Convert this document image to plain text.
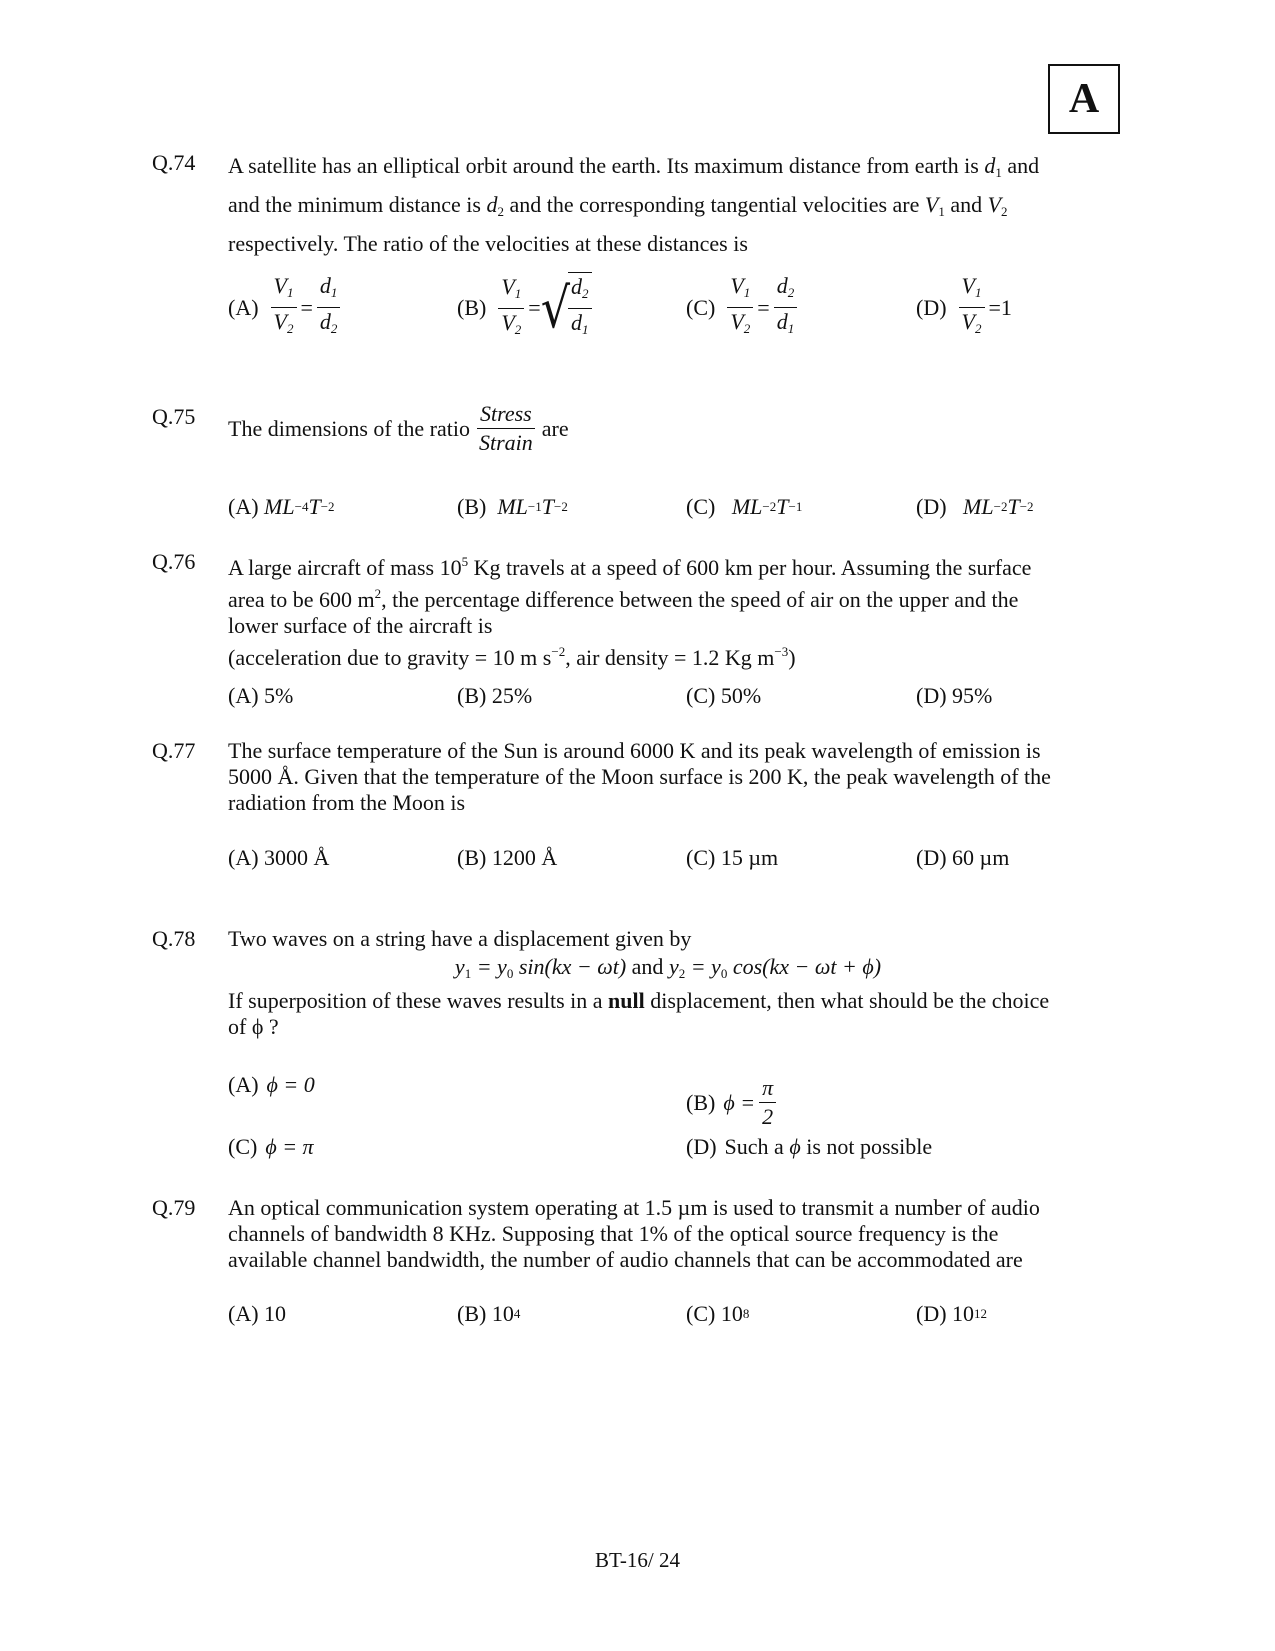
A
Q.74 A satellite has an elliptical orbit around the earth. Its maximum distance from earth is $d_1$ and
and the minimum distance is $d_2$ and the corresponding tangential velocities are $V_1$ and $V_2$
respectively. The ratio of the velocities at these distances is
$(A) \frac{V_1}{V_2} = \frac{d_1}{d_2}$	$(B) \frac{V_1}{V_2}$ = √
$\frac{d_2}{d_1}$	$(C) \frac{V_1}{V_2} = \frac{d_2}{d_1}$	$(D) \frac{V_1}{V_2} = 1$
Q.75 The dimensions of the ratio $\frac{\text{Stress}}{\text{Strain}}$ are
(A)
ML −4 T −2	(B)
ML −1 T −2	(C)
ML −2 T −1	(D)
ML −2 T −2
Q.76 A large aircraft of mass $10^5$ Kg travels at a speed of 600 km per hour. Assuming the surface
area to be 600 $m^2$, the percentage difference between the speed of air on the upper and the
lower surface of the aircraft is
(acceleration due to gravity = 10 m $s^{-2}$, air density = 1.2 Kg $m^{-3}$)
(A) 5%	(B) 25%	(C) 50%	(D) 95%
Q.77 The surface temperature of the Sun is around 6000 K and its peak wavelength of emission is
5000 Å. Given that the temperature of the Moon surface is 200 K, the peak wavelength of the
radiation from the Moon is
(A) 3000 Å	(B) 1200 Å	(C) 15 µm	(D) 60 µm
Q.78 Two waves on a string have a displacement given by
$y_1 = y_0$ sin(kx − ωt) and $y_2 = y_0$ cos(kx − ωt + ϕ)
If superposition of these waves results in a null displacement, then what should be the choice
of ϕ ?
(A) ϕ = 0
(B) $\phi = \frac{\pi}{2}$
(C) ϕ = π	(D) Such a
ϕ
is not possible
Q.79 An optical communication system operating at 1.5 µm is used to transmit a number of audio
channels of bandwidth 8 KHz. Supposing that 1% of the optical source frequency is the
available channel bandwidth, the number of audio channels that can be accommodated are
(A) 10	(B) 10 4	(C) 10 8	(D) 10 12
BT-16/ 24
